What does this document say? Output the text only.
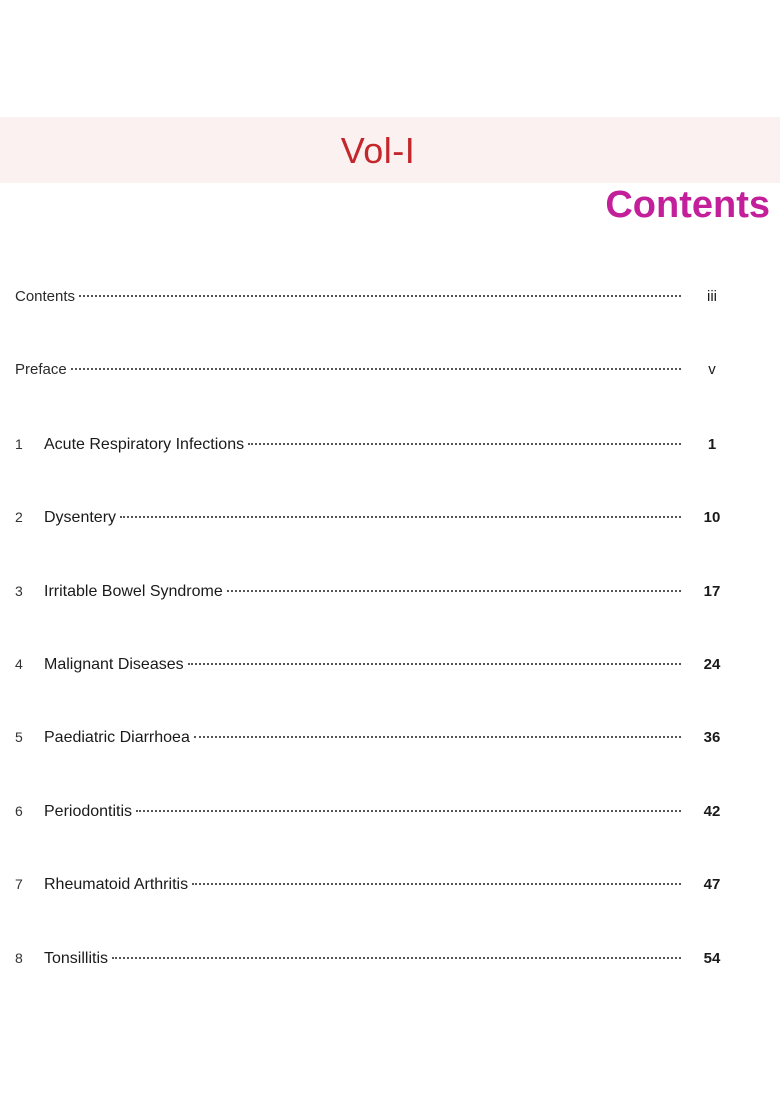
Vol-I
Contents
Contents	iii
Preface	v
1	Acute Respiratory Infections	1
2	Dysentery	10
3	Irritable Bowel Syndrome	17
4	Malignant Diseases	24
5	Paediatric Diarrhoea	36
6	Periodontitis	42
7	Rheumatoid Arthritis	47
8	Tonsillitis	54
